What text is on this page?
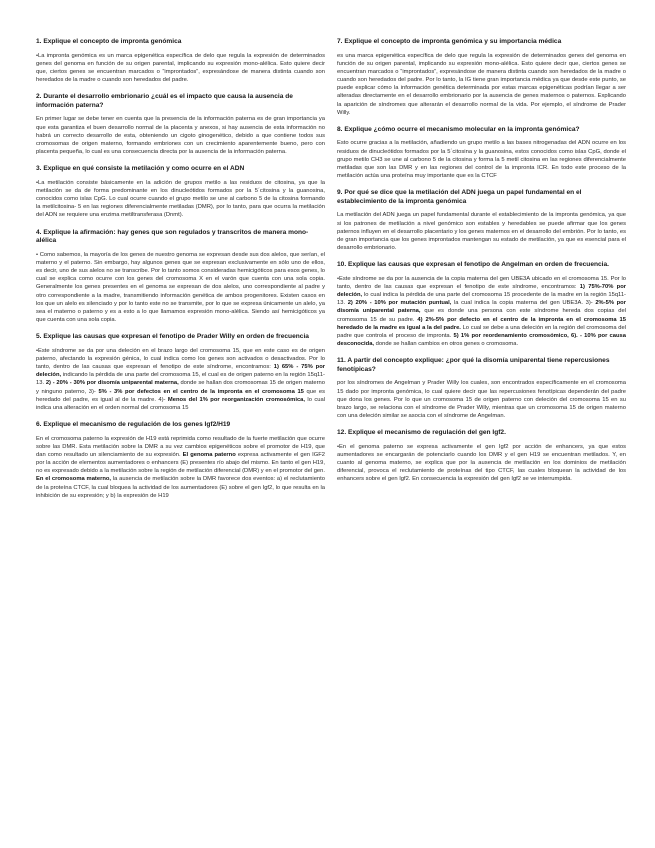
1. Explique el concepto de impronta genómica
•La impronta genómica es un marca epigenética específica de delo que regula la expresión de determinados genes del genoma en función de su origen parental, implicando su expresión mono-alélica. Esto quiere decir que, ciertos genes se encuentran marcados o “improntados”, expresándose de manera distinta cuando son heredados de la madre o cuando son heredados del padre.
2. Durante el desarrollo embrionario ¿cuál es el impacto que causa la ausencia de información paterna?
En primer lugar se debe tener en cuenta que la presencia de la información paterna es de gran importancia ya que esta garantiza el buen desarrollo normal de la placenta y anexos, si hay ausencia de esta información no habrá un correcto desarrollo de esta, obteniendo un cigoto ginogenético, debido a que contiene todos sus cromosomas de origen materno, formando embriones con un crecimiento aparentemente bueno, pero con placenta pequeña, lo cual es una consecuencia directa por la ausencia de la información paterna.
3. Explique en qué consiste la metilación y como ocurre en el ADN
•La metilación consiste básicamente en la adición de grupos metilo a las residuos de citosina, ya que la metilación se da de forma predominante en los dinucleótidos formados por la 5´citosina y la guanosina, conocidos como islas CpG. Lo cual ocurre cuando el grupo metilo se une al carbono 5 de la citosina formando la metilcitosina- 5 en las regiones diferencialmente metiladas (DMR), por lo tanto, para que ocurra la metilación del ADN se requiere una enzima metiltransferasa (Dnmt).
4. Explique la afirmación: hay genes que son regulados y transcritos de manera mono-alélica
• Como sabemos, la mayoría de los genes de nuestro genoma se expresan desde sus dos alelos, que serían, el materno y el paterno. Sin embargo, hay algunos genes que se expresan exclusivamente en sólo uno de ellos, es decir, uno de sus alelos no se transcribe. Por lo tanto somos consideradas hemicigóticos para esos genes, lo cual se explica como ocurre con los genes del cromosoma X en el varón que cuenta con una sola copia. Generalmente los genes presentes en el genoma se expresan de dos alelos, uno correspondiente al padre y otro correspondiente a la madre, transmitiendo información genética de ambos progenitores. Existen casos en los que un alelo es silenciado y por lo tanto este no se transmite, por lo que se expresa únicamente un alelo, ya sea el materno o paterno y es a esto a lo que llamamos expresión mono-alélica. Siendo así hemicigóticos ya que cuenta con una sola copia.
5. Explique las causas que expresan el fenotipo de Prader Willy en orden de frecuencia
•Este síndrome se da por una deleción en el brazo largo del cromosoma 15, que en este caso es de origen paterno, afectando la expresión génica, lo cual indica como los genes son activados o desactivados. Por lo tanto, dentro de las causas que expresan el fenotipo de este síndrome, encontramos: 1) 65% - 75% por deleción, indicando la pérdida de una parte del cromosoma 15, el cual es de origen paterno en la región 15q11-13. 2) - 20% - 30% por disomía uniparental materna, donde se hallan dos cromosomas 15 de origen materno y ninguno paterno, 3)- 5% - 3% por defectos en el centro de la impronta en el cromosoma 15 que es heredado del padre, es igual al de la madre. 4)- Menos del 1% por reorganización cromosómica, lo cual indica una alteración en el orden normal del cromosoma 15
6. Explique el mecanismo de regulación de los genes Igf2/H19
En el cromosoma paterno la expresión de H19 está reprimida como resultado de la fuerte metilación que ocurre sobre las DMR. Esta metilación sobre la DMR a su vez cambios epigenéticos sobre el promotor de H19, que dan como resultado un silenciamiento de su expresión. El genoma paterno expresa activamente el gen IGF2 por la acción de elementos aumentadores o enhancers (E) presentes río abajo del mismo. En tanto el gen H19, no es expresado debido a la metilación sobre la región de metilación diferencial (DMR) y en el promotor del gen. En el cromosoma materno, la ausencia de metilación sobre la DMR favorece dos eventos: a) el reclutamiento de la proteína CTCF, la cual bloquea la actividad de los aumentadores (E) sobre el gen Igf2, lo que resulta en la inhibición de su expresión; y b) la expresión de H19
7. Explique el concepto de impronta genómica y su importancia médica
es una marca epigenética específica de delo que regula la expresión de determinados genes del genoma en función de su origen parental, implicando su expresión mono-alélica. Esto quiere decir que, ciertos genes se encuentran marcados o “improntados”, expresándose de manera distinta cuando son heredados de la madre o cuando son heredados del padre. Por lo tanto, la IG tiene gran importancia médica ya que desde este punto, se puede explicar cómo la información genética determinada por estas marcas epigenéticas podrían llegar a ser alteradas directamente en el desarrollo embrionario por la ausencia de genes maternos o paternos. Explicando la aparición de síndromes que alterarán el desarrollo normal de la vida. Por ejemplo, el síndrome de Prader Willy.
8. Explique ¿cómo ocurre el mecanismo molecular en la impronta genómica?
Esto ocurre gracias a la metilación, añadiendo un grupo metilo a las bases nitrogenadas del ADN ocurre en los residuos de dinucleótidos formados por la 5´citosina y la guanosina, estos conocidos como islas CpG, donde el grupo metilo CH3 se une al carbono 5 de la citosina y forma la 5 metil citosina en las regiones diferencialmente metiladas que son las DMR y en las regiones del control de la impronta ICR. En todo este proceso de la metilación actúa una proteína muy importante que es la CTCF
9. Por qué se dice que la metilación del ADN juega un papel fundamental en el establecimiento de la impronta genómica
La metilación del ADN juega un papel fundamental durante el establecimiento de la impronta genómica, ya que si los patrones de metilación a nivel genómico son estables y heredables se puede afirmar que los genes paternos influyen en el desarrollo placentario y los genes maternos en el desarrollo del embrión. Por lo tanto, es de gran importancia que los genes improntados mantengan su estado de metilación, ya que es esencial para el desarrollo embrionario.
10. Explique las causas que expresan el fenotipo de Angelman en orden de frecuencia.
•Este síndrome se da por la ausencia de la copia materna del gen UBE3A ubicado en el cromosoma 15. Por lo tanto, dentro de las causas que expresan el fenotipo de este síndrome, encontramos: 1) 75%-70% por deleción, lo cual indica la pérdida de una parte del cromosoma 15 procedente de la madre en la región 15q11-13. 2) 20% - 10% por mutación puntual, la cual indica la copia materna del gen UBE3A. 3)- 2%-5% por disomía uniparental paterna, que es donde una persona con este síndrome hereda dos copias del cromosoma 15 de su padre. 4) 2%-5% por defecto en el centro de la impronta en el cromosoma 15 heredado de la madre es igual a la del padre. Lo cual se debe a una deleción en la región del cromosoma del padre que controla el proceso de impronta. 5) 1% por reordenamiento cromosómico, 6). - 10% por causa desconocida, donde se hallan cambios en otros genes o cromosoma.
11. A partir del concepto explique: ¿por qué la disomía uniparental tiene repercusiones fenotípicas?
por los síndromes de Angelman y Prader Willy los cuales, son encontrados específicamente en el cromosoma 15 dado por impronta genómica, lo cual quiere decir que las repercusiones fenotípicas dependerán del padre que dona los genes. Por lo que un cromosoma 15 de origen paterno con deleción del cromosoma 15 en su brazo largo, se relaciona con el síndrome de Prader Willy, mientras que un cromosoma 15 de origen materno con una deleción similar se asocia con el síndrome de Angelman.
12. Explique el mecanismo de regulación del gen Igf2.
•En el genoma paterno se expresa activamente el gen Igf2 por acción de enhancers, ya que estos aumentadores se encargarán de potenciarlo cuando los DMR y el gen H19 se encuentran metilados. Y, en cuanto al genoma materno, se explica que por la ausencia de metilación en los dominios de metilación diferencial, provoca el reclutamiento de proteínas del tipo CTCF, las cuales bloquean la actividad de los enhancers sobre el gen Igf2. En consecuencia la expresión del gen Igf2 se ve interrumpida.
